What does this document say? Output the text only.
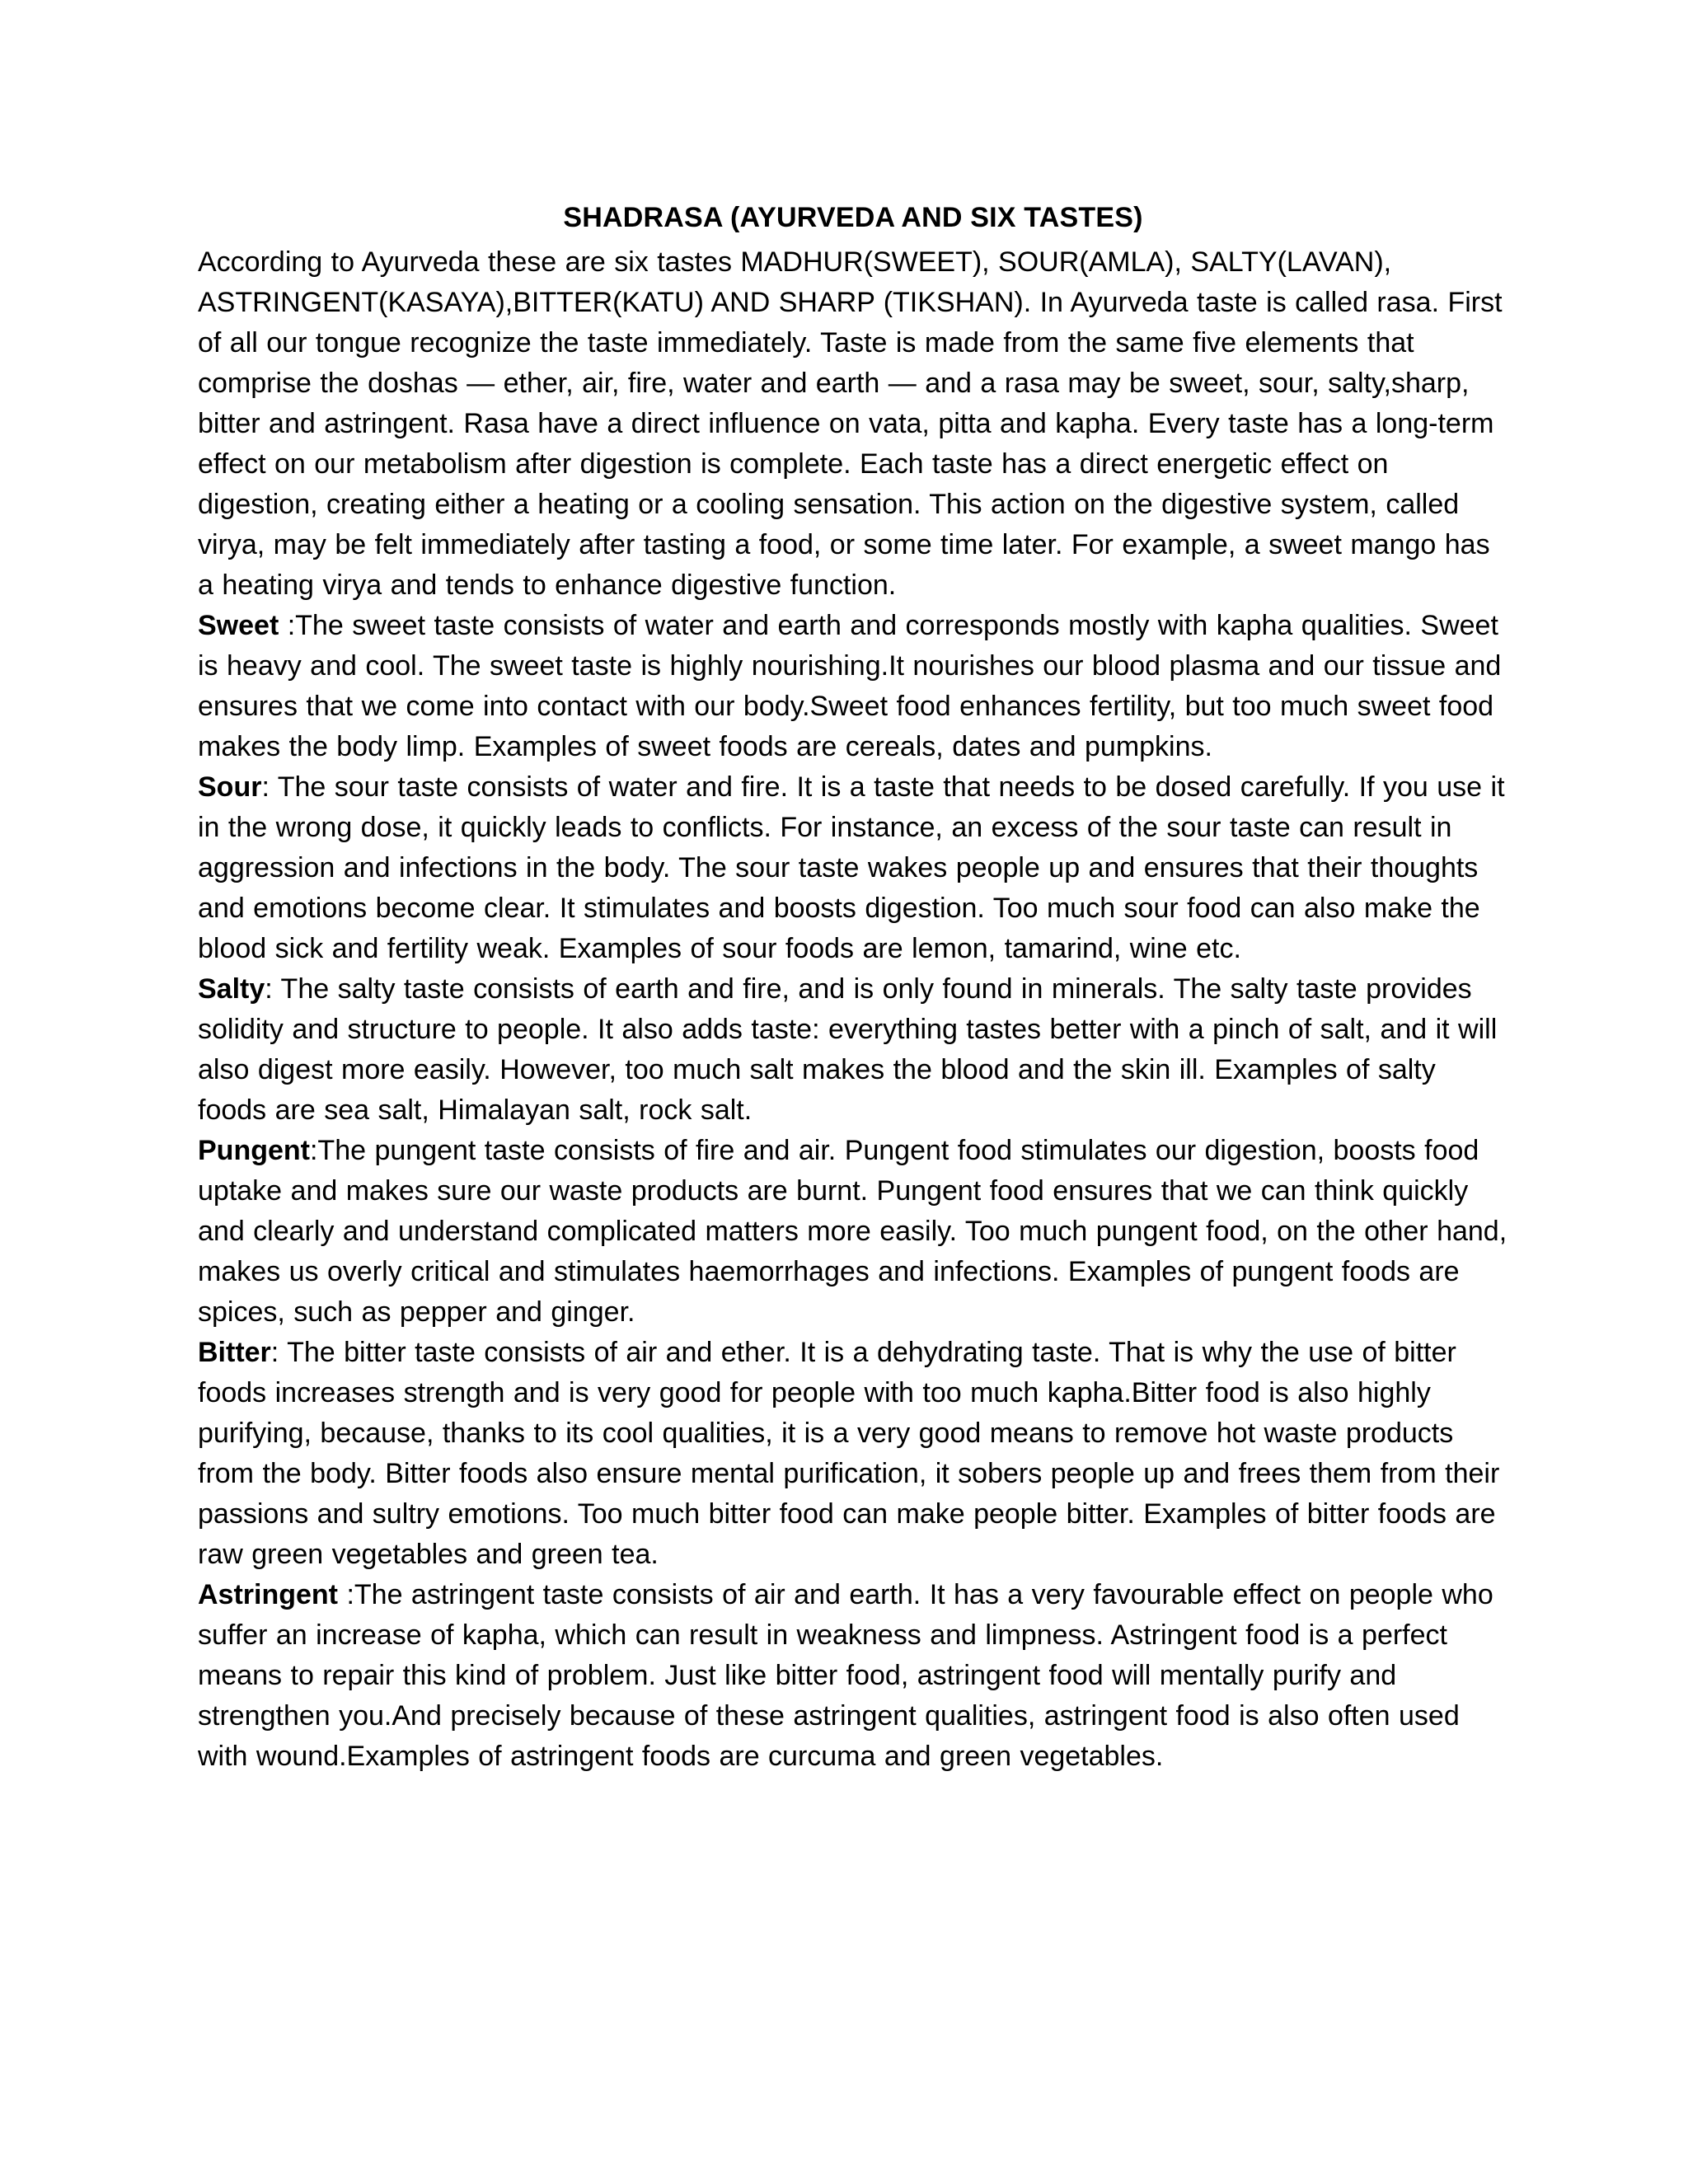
SHADRASA (AYURVEDA AND SIX TASTES)

According to Ayurveda these are six tastes MADHUR(SWEET), SOUR(AMLA), SALTY(LAVAN), ASTRINGENT(KASAYA),BITTER(KATU) AND SHARP (TIKSHAN). In Ayurveda taste is called rasa. First of all our tongue recognize the taste immediately. Taste is made from the same five elements that comprise the doshas — ether, air, fire, water and earth — and a rasa may be sweet, sour, salty,sharp, bitter and astringent. Rasa have a direct influence on vata, pitta and kapha. Every taste has a long-term effect on our metabolism after digestion is complete. Each taste has a direct energetic effect on digestion, creating either a heating or a cooling sensation. This action on the digestive system, called virya, may be felt immediately after tasting a food, or some time later. For example, a sweet mango has a heating virya and tends to enhance digestive function.

Sweet :The sweet taste consists of water and earth and corresponds mostly with kapha qualities. Sweet is heavy and cool. The sweet taste is highly nourishing.It nourishes our blood plasma and our tissue and ensures that we come into contact with our body.Sweet food enhances fertility, but too much sweet food makes the body limp. Examples of sweet foods are cereals, dates and pumpkins.

Sour: The sour taste consists of water and fire. It is a taste that needs to be dosed carefully. If you use it in the wrong dose, it quickly leads to conflicts. For instance, an excess of the sour taste can result in aggression and infections in the body. The sour taste wakes people up and ensures that their thoughts and emotions become clear. It stimulates and boosts digestion. Too much sour food can also make the blood sick and fertility weak. Examples of sour foods are lemon, tamarind, wine etc.

Salty: The salty taste consists of earth and fire, and is only found in minerals. The salty taste provides solidity and structure to people. It also adds taste: everything tastes better with a pinch of salt, and it will also digest more easily. However, too much salt makes the blood and the skin ill. Examples of salty foods are sea salt, Himalayan salt, rock salt.

Pungent:The pungent taste consists of fire and air. Pungent food stimulates our digestion, boosts food uptake and makes sure our waste products are burnt. Pungent food ensures that we can think quickly and clearly and understand complicated matters more easily. Too much pungent food, on the other hand, makes us overly critical and stimulates haemorrhages and infections. Examples of pungent foods are spices, such as pepper and ginger.

Bitter: The bitter taste consists of air and ether. It is a dehydrating taste. That is why the use of bitter foods increases strength and is very good for people with too much kapha.Bitter food is also highly purifying, because, thanks to its cool qualities, it is a very good means to remove hot waste products from the body. Bitter foods also ensure mental purification, it sobers people up and frees them from their passions and sultry emotions. Too much bitter food can make people bitter. Examples of bitter foods are raw green vegetables and green tea.

Astringent :The astringent taste consists of air and earth. It has a very favourable effect on people who suffer an increase of kapha, which can result in weakness and limpness. Astringent food is a perfect means to repair this kind of problem. Just like bitter food, astringent food will mentally purify and strengthen you.And precisely because of these astringent qualities, astringent food is also often used with wound.Examples of astringent foods are curcuma and green vegetables.
